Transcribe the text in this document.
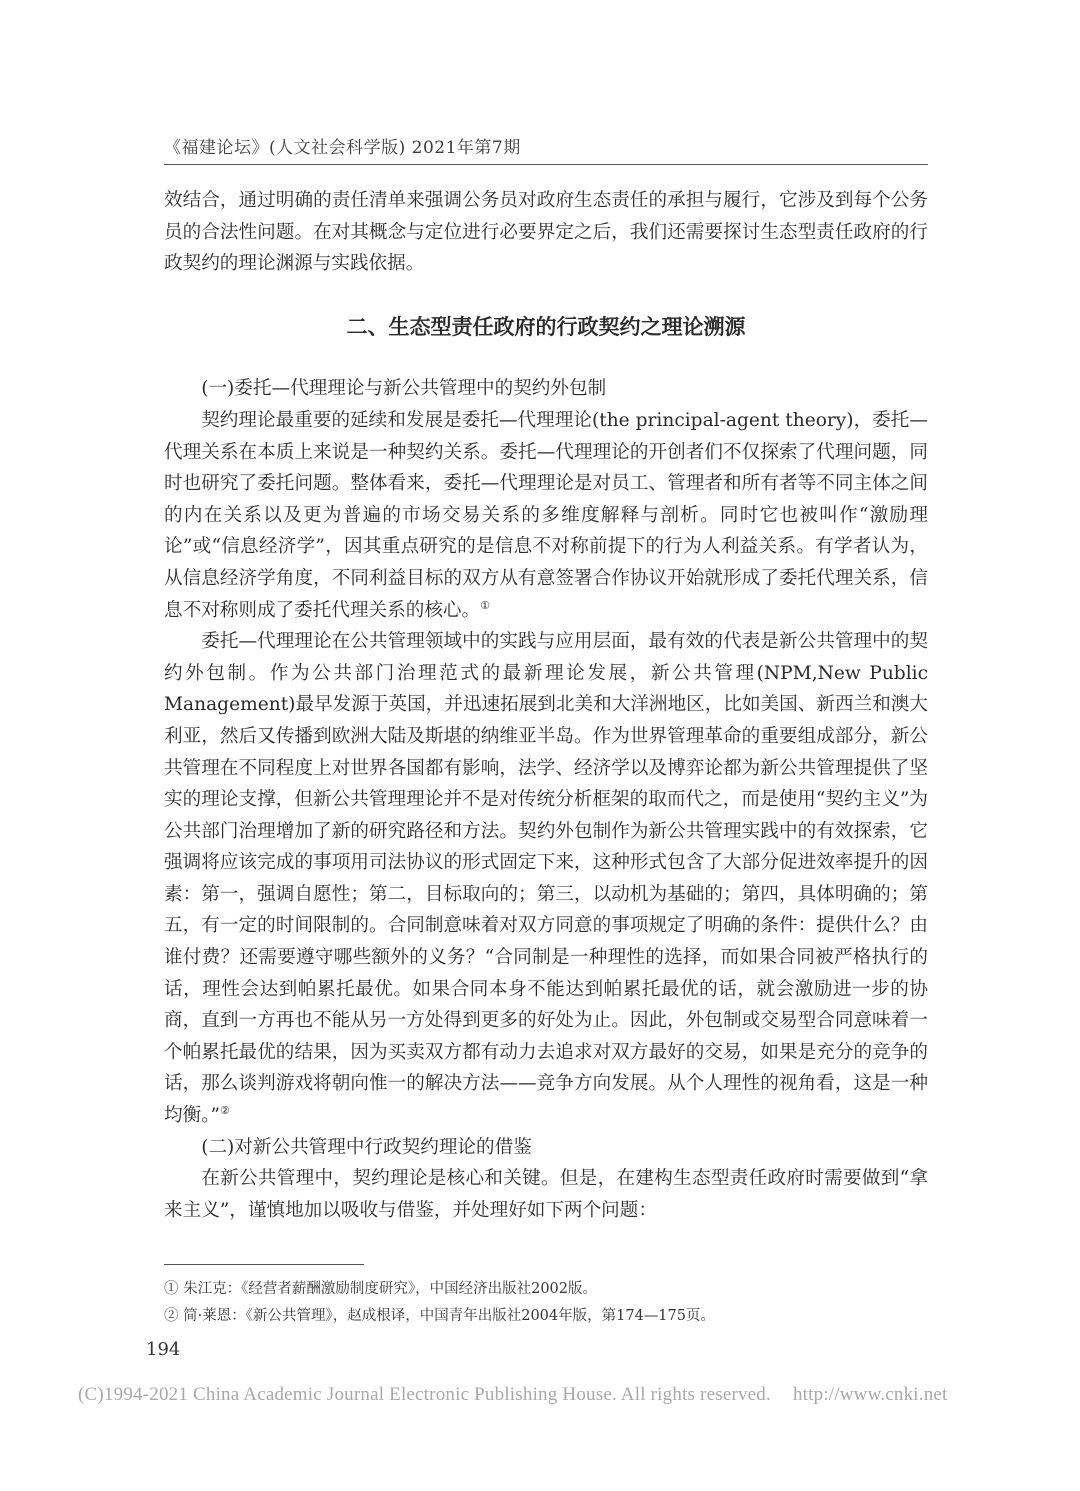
《福建论坛》(人文社会科学版) 2021年第7期

效结合，通过明确的责任清单来强调公务员对政府生态责任的承担与履行，它涉及到每个公务员的合法性问题。在对其概念与定位进行必要界定之后，我们还需要探讨生态型责任政府的行政契约的理论渊源与实践依据。

二、生态型责任政府的行政契约之理论溯源

(一)委托—代理理论与新公共管理中的契约外包制

契约理论最重要的延续和发展是委托—代理理论(the principal-agent theory)，委托—代理关系在本质上来说是一种契约关系。委托—代理理论的开创者们不仅探索了代理问题，同时也研究了委托问题。整体看来，委托—代理理论是对员工、管理者和所有者等不同主体之间的内在关系以及更为普遍的市场交易关系的多维度解释与剖析。同时它也被叫作“激励理论”或“信息经济学”，因其重点研究的是信息不对称前提下的行为人利益关系。有学者认为，从信息经济学角度，不同利益目标的双方从有意签署合作协议开始就形成了委托代理关系，信息不对称则成了委托代理关系的核心。①

委托—代理理论在公共管理领域中的实践与应用层面，最有效的代表是新公共管理中的契约外包制。作为公共部门治理范式的最新理论发展，新公共管理(NPM,New Public Management)最早发源于英国，并迅速拓展到北美和大洋洲地区，比如美国、新西兰和澳大利亚，然后又传播到欧洲大陆及斯堪的纳维亚半岛。作为世界管理革命的重要组成部分，新公共管理在不同程度上对世界各国都有影响，法学、经济学以及博弈论都为新公共管理提供了坚实的理论支撑，但新公共管理理论并不是对传统分析框架的取而代之，而是使用“契约主义”为公共部门治理增加了新的研究路径和方法。契约外包制作为新公共管理实践中的有效探索，它强调将应该完成的事项用司法协议的形式固定下来，这种形式包含了大部分促进效率提升的因素：第一，强调自愿性；第二，目标取向的；第三，以动机为基础的；第四，具体明确的；第五，有一定的时间限制的。合同制意味着对双方同意的事项规定了明确的条件：提供什么？由谁付费？还需要遵守哪些额外的义务？“合同制是一种理性的选择，而如果合同被严格执行的话，理性会达到帕累托最优。如果合同本身不能达到帕累托最优的话，就会激励进一步的协商，直到一方再也不能从另一方处得到更多的好处为止。因此，外包制或交易型合同意味着一个帕累托最优的结果，因为买卖双方都有动力去追求对双方最好的交易，如果是充分的竞争的话，那么谈判游戏将朝向惟一的解决方法——竞争方向发展。从个人理性的视角看，这是一种均衡。”②

(二)对新公共管理中行政契约理论的借鉴

在新公共管理中，契约理论是核心和关键。但是，在建构生态型责任政府时需要做到“拿来主义”，谨慎地加以吸收与借鉴，并处理好如下两个问题：

① 朱江克：《经营者薪酬激励制度研究》，中国经济出版社2002版。

② 简·莱恩：《新公共管理》，赵成根译，中国青年出版社2004年版，第174—175页。

194
(C)1994-2021 China Academic Journal Electronic Publishing House. All rights reserved. http://www.cnki.net
